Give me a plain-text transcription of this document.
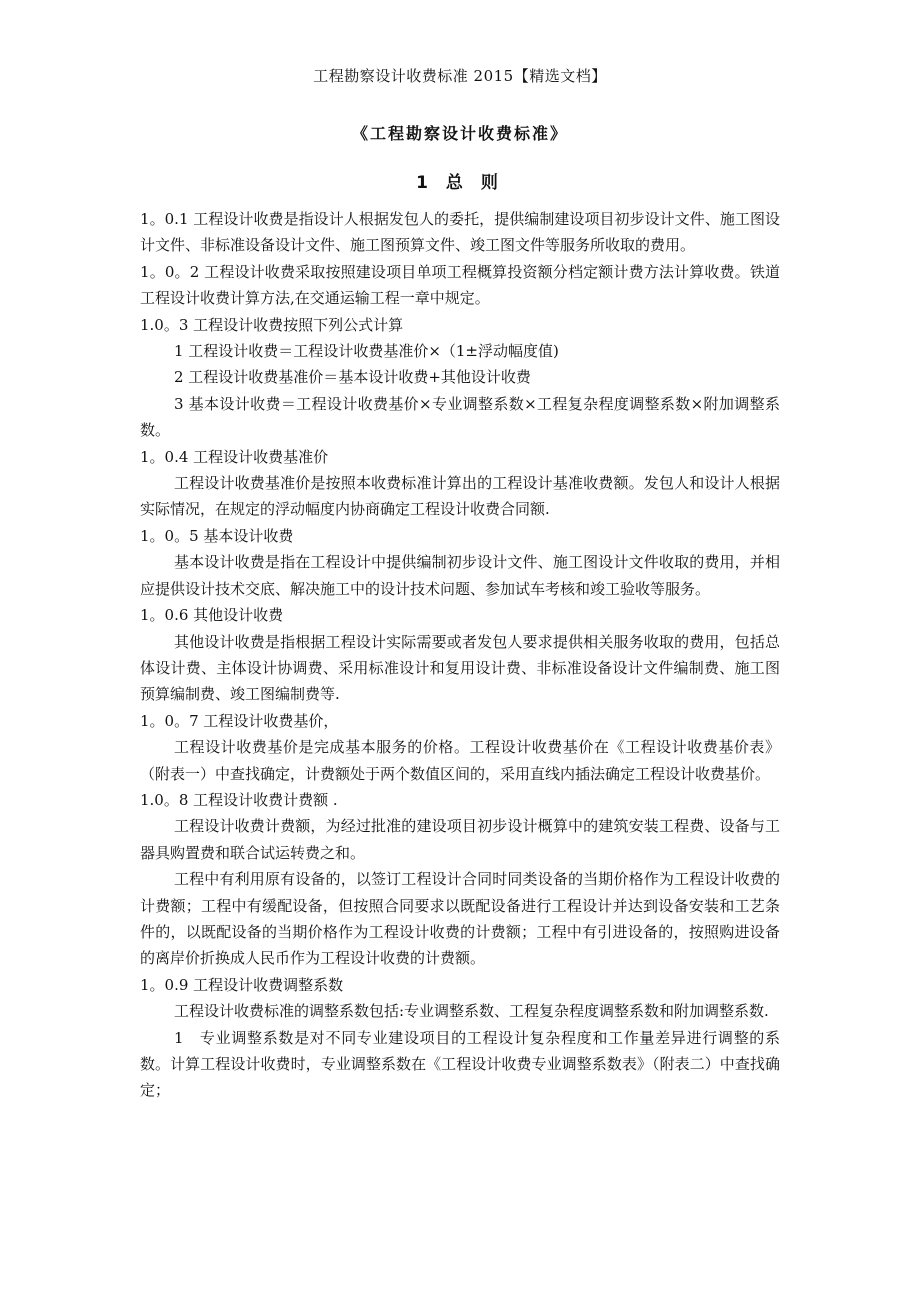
工程勘察设计收费标准 2015【精选文档】
《工程勘察设计收费标准》
1 总 则

1。0.1 工程设计收费是指设计人根据发包人的委托，提供编制建设项目初步设计文件、施工图设计文件、非标准设备设计文件、施工图预算文件、竣工图文件等服务所收取的费用。

1。0。2 工程设计收费采取按照建设项目单项工程概算投资额分档定额计费方法计算收费。铁道工程设计收费计算方法,在交通运输工程一章中规定。

1.0。3 工程设计收费按照下列公式计算

1 工程设计收费＝工程设计收费基准价×（1±浮动幅度值)

2 工程设计收费基准价＝基本设计收费+其他设计收费

3 基本设计收费＝工程设计收费基价×专业调整系数×工程复杂程度调整系数×附加调整系数。

1。0.4 工程设计收费基准价

工程设计收费基准价是按照本收费标准计算出的工程设计基准收费额。发包人和设计人根据实际情况，在规定的浮动幅度内协商确定工程设计收费合同额.

1。0。5 基本设计收费

基本设计收费是指在工程设计中提供编制初步设计文件、施工图设计文件收取的费用，并相应提供设计技术交底、解决施工中的设计技术问题、参加试车考核和竣工验收等服务。

1。0.6 其他设计收费

其他设计收费是指根据工程设计实际需要或者发包人要求提供相关服务收取的费用，包括总体设计费、主体设计协调费、采用标准设计和复用设计费、非标准设备设计文件编制费、施工图预算编制费、竣工图编制费等.

1。0。7 工程设计收费基价，

工程设计收费基价是完成基本服务的价格。工程设计收费基价在《工程设计收费基价表》（附表一）中查找确定，计费额处于两个数值区间的，采用直线内插法确定工程设计收费基价。

1.0。8 工程设计收费计费额 .

工程设计收费计费额，为经过批准的建设项目初步设计概算中的建筑安装工程费、设备与工器具购置费和联合试运转费之和。

工程中有利用原有设备的，以签订工程设计合同时同类设备的当期价格作为工程设计收费的计费额；工程中有缓配设备，但按照合同要求以既配设备进行工程设计并达到设备安装和工艺条件的，以既配设备的当期价格作为工程设计收费的计费额；工程中有引进设备的，按照购进设备的离岸价折换成人民币作为工程设计收费的计费额。

1。0.9 工程设计收费调整系数

工程设计收费标准的调整系数包括:专业调整系数、工程复杂程度调整系数和附加调整系数.

1　专业调整系数是对不同专业建设项目的工程设计复杂程度和工作量差异进行调整的系数。计算工程设计收费时，专业调整系数在《工程设计收费专业调整系数表》（附表二）中查找确定；
